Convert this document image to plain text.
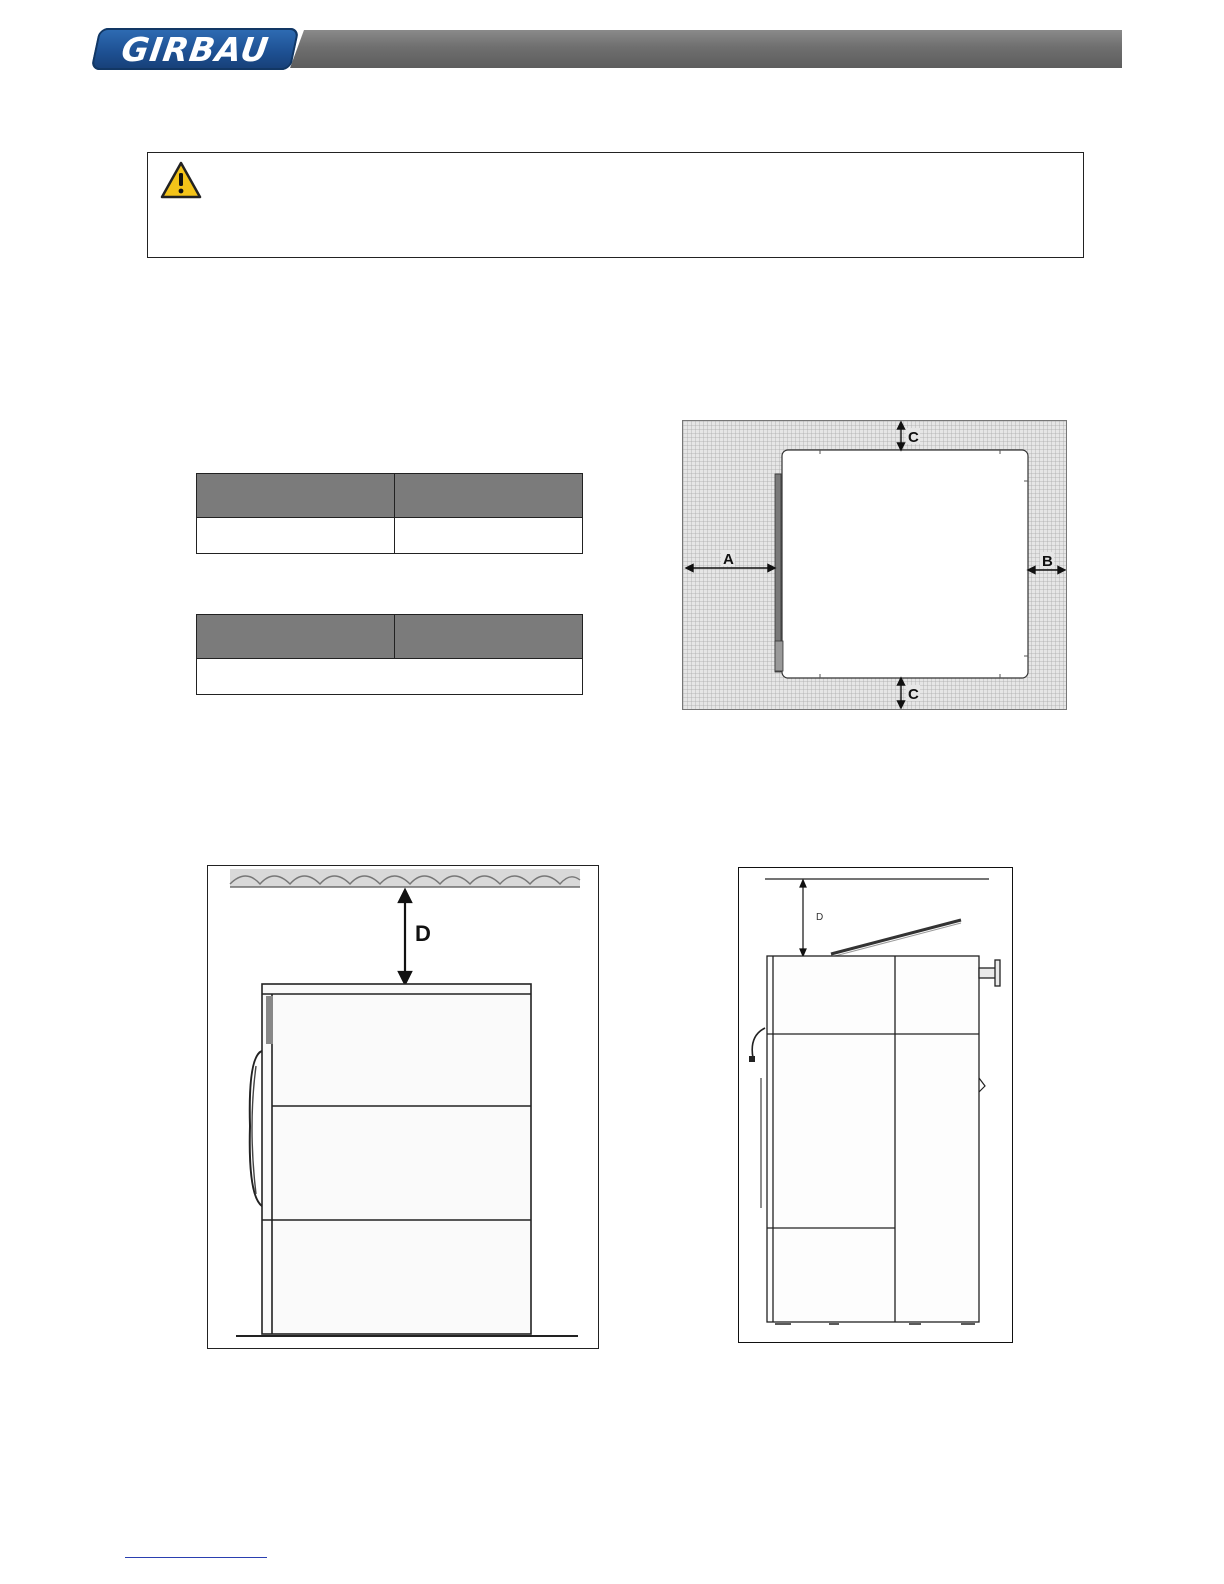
GIRBAU

A	B
C
C
D
D
